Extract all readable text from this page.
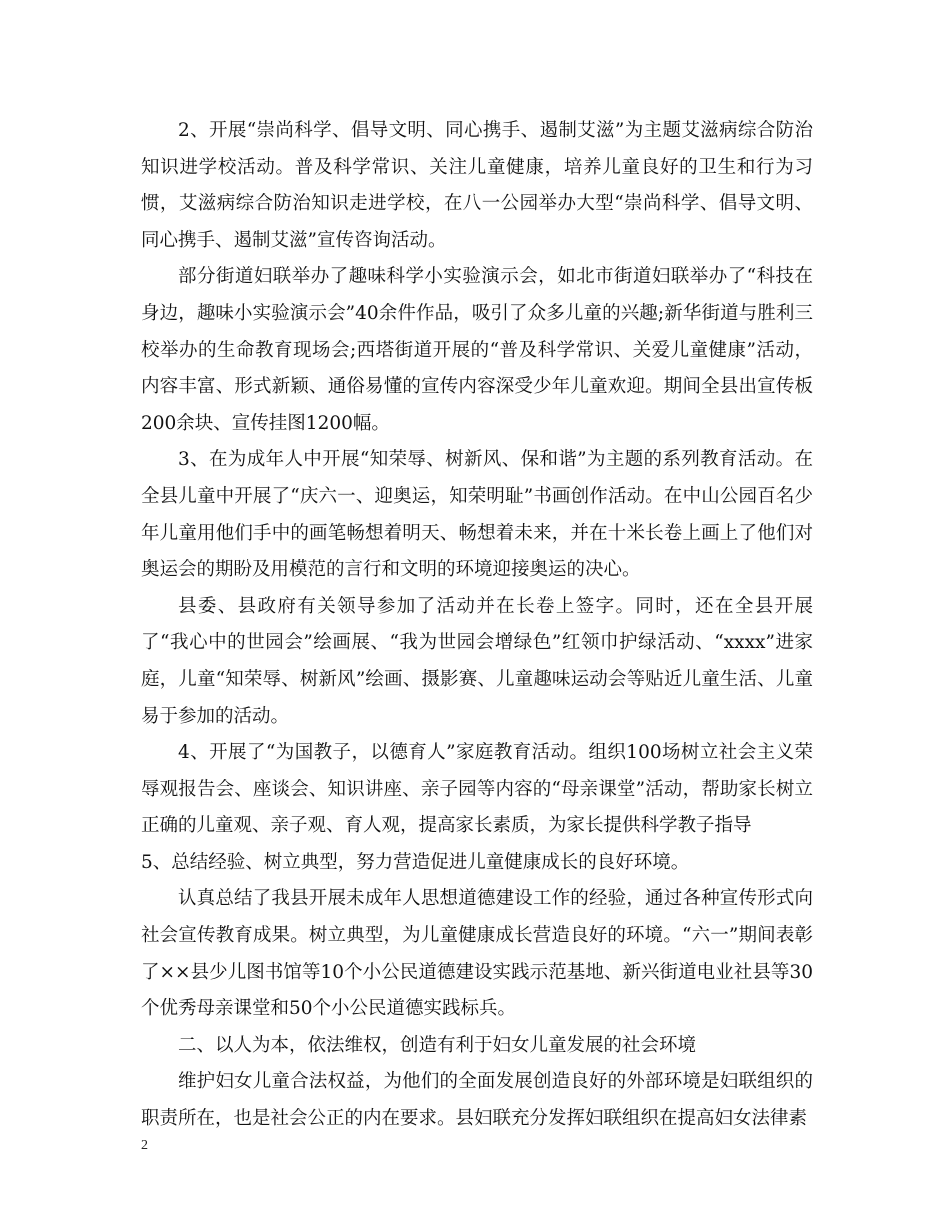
2、开展“崇尚科学、倡导文明、同心携手、遏制艾滋”为主题艾滋病综合防治知识进学校活动。普及科学常识、关注儿童健康，培养儿童良好的卫生和行为习惯，艾滋病综合防治知识走进学校，在八一公园举办大型“崇尚科学、倡导文明、同心携手、遏制艾滋”宣传咨询活动。

部分街道妇联举办了趣味科学小实验演示会，如北市街道妇联举办了“科技在身边，趣味小实验演示会”40余件作品，吸引了众多儿童的兴趣;新华街道与胜利三校举办的生命教育现场会;西塔街道开展的“普及科学常识、关爱儿童健康”活动，内容丰富、形式新颖、通俗易懂的宣传内容深受少年儿童欢迎。期间全县出宣传板200余块、宣传挂图1200幅。

3、在为成年人中开展“知荣辱、树新风、保和谐”为主题的系列教育活动。在全县儿童中开展了“庆六一、迎奥运，知荣明耻”书画创作活动。在中山公园百名少年儿童用他们手中的画笔畅想着明天、畅想着未来，并在十米长卷上画上了他们对奥运会的期盼及用模范的言行和文明的环境迎接奥运的决心。

县委、县政府有关领导参加了活动并在长卷上签字。同时，还在全县开展了“我心中的世园会”绘画展、“我为世园会增绿色”红领巾护绿活动、“xxxx”进家庭，儿童“知荣辱、树新风”绘画、摄影赛、儿童趣味运动会等贴近儿童生活、儿童易于参加的活动。

4、开展了“为国教子，以德育人”家庭教育活动。组织100场树立社会主义荣辱观报告会、座谈会、知识讲座、亲子园等内容的“母亲课堂”活动，帮助家长树立正确的儿童观、亲子观、育人观，提高家长素质，为家长提供科学教子指导

5、总结经验、树立典型，努力营造促进儿童健康成长的良好环境。

认真总结了我县开展未成年人思想道德建设工作的经验，通过各种宣传形式向社会宣传教育成果。树立典型，为儿童健康成长营造良好的环境。“六一”期间表彰了××县少儿图书馆等10个小公民道德建设实践示范基地、新兴街道电业社县等30个优秀母亲课堂和50个小公民道德实践标兵。

二、以人为本，依法维权，创造有利于妇女儿童发展的社会环境

维护妇女儿童合法权益，为他们的全面发展创造良好的外部环境是妇联组织的职责所在，也是社会公正的内在要求。县妇联充分发挥妇联组织在提高妇女法律素

2
